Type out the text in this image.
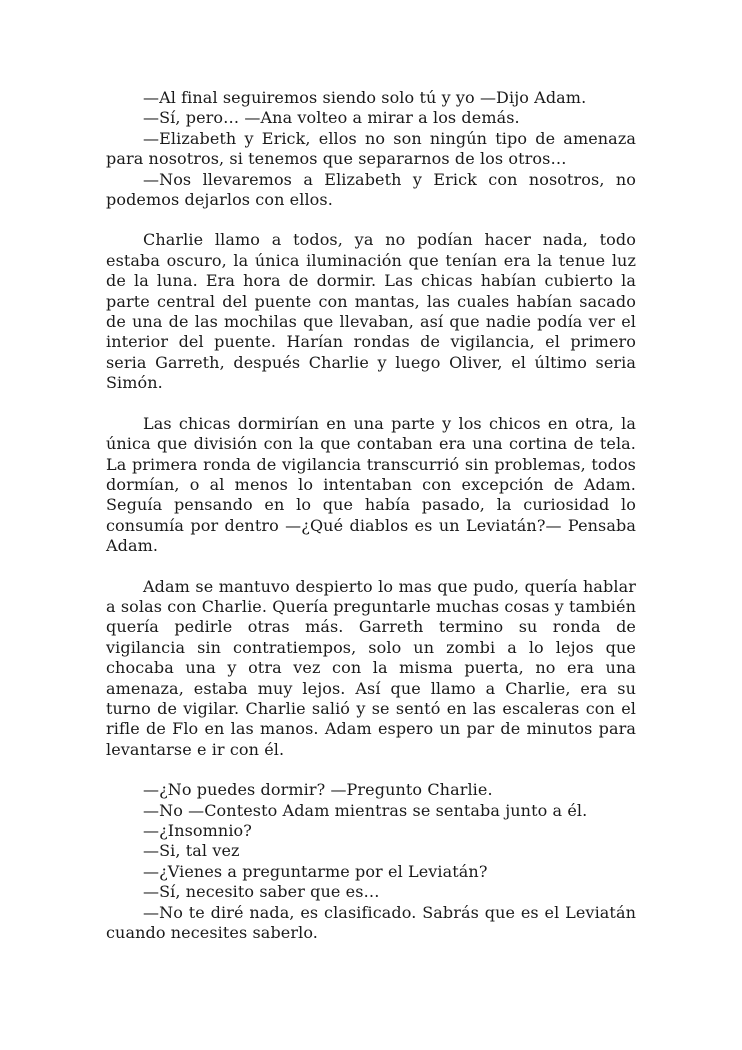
—Al final seguiremos siendo solo tú y yo —Dijo Adam.

—Sí, pero… —Ana volteo a mirar a los demás.

—Elizabeth y Erick, ellos no son ningún tipo de amenaza para nosotros, si tenemos que separarnos de los otros…

—Nos llevaremos a Elizabeth y Erick con nosotros, no podemos dejarlos con ellos.

Charlie llamo a todos, ya no podían hacer nada, todo estaba oscuro, la única iluminación que tenían era la tenue luz de la luna. Era hora de dormir. Las chicas habían cubierto la parte central del puente con mantas, las cuales habían sacado de una de las mochilas que llevaban, así que nadie podía ver el interior del puente. Harían rondas de vigilancia, el primero seria Garreth, después Charlie y luego Oliver, el último seria Simón.

Las chicas dormirían en una parte y los chicos en otra, la única que división con la que contaban era una cortina de tela. La primera ronda de vigilancia transcurrió sin problemas, todos dormían, o al menos lo intentaban con excepción de Adam. Seguía pensando en lo que había pasado, la curiosidad lo consumía por dentro —¿Qué diablos es un Leviatán?— Pensaba Adam.

Adam se mantuvo despierto lo mas que pudo, quería hablar a solas con Charlie. Quería preguntarle muchas cosas y también quería pedirle otras más. Garreth termino su ronda de vigilancia sin contratiempos, solo un zombi a lo lejos que chocaba una y otra vez con la misma puerta, no era una amenaza, estaba muy lejos. Así que llamo a Charlie, era su turno de vigilar. Charlie salió y se sentó en las escaleras con el rifle de Flo en las manos. Adam espero un par de minutos para levantarse e ir con él.

—¿No puedes dormir? —Pregunto Charlie.

—No —Contesto Adam mientras se sentaba junto a él.

—¿Insomnio?

—Si, tal vez

—¿Vienes a preguntarme por el Leviatán?

—Sí, necesito saber que es…

—No te diré nada, es clasificado. Sabrás que es el Leviatán cuando necesites saberlo.
